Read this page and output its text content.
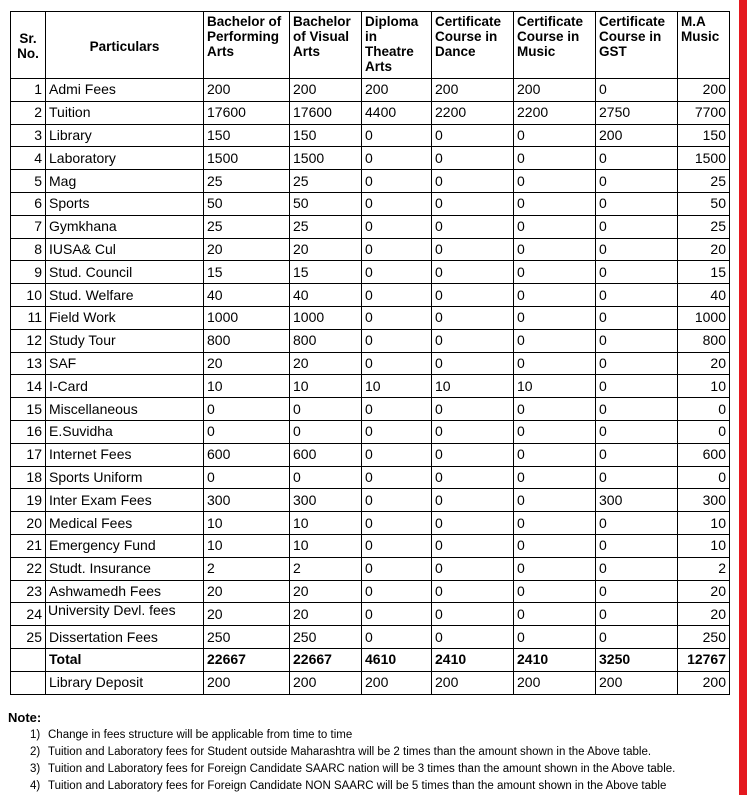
Sr. No.	Particulars	Bachelor of Performing Arts	Bachelor of Visual Arts	Diploma in Theatre Arts	Certificate Course in Dance	Certificate Course in Music	Certificate Course in GST	M.A Music
1	Admi Fees	200	200	200	200	200	0	200
2	Tuition	17600	17600	4400	2200	2200	2750	7700
3	Library	150	150	0	0	0	200	150
4	Laboratory	1500	1500	0	0	0	0	1500
5	Mag	25	25	0	0	0	0	25
6	Sports	50	50	0	0	0	0	50
7	Gymkhana	25	25	0	0	0	0	25
8	IUSA& Cul	20	20	0	0	0	0	20
9	Stud. Council	15	15	0	0	0	0	15
10	Stud. Welfare	40	40	0	0	0	0	40
11	Field Work	1000	1000	0	0	0	0	1000
12	Study Tour	800	800	0	0	0	0	800
13	SAF	20	20	0	0	0	0	20
14	I-Card	10	10	10	10	10	0	10
15	Miscellaneous	0	0	0	0	0	0	0
16	E.Suvidha	0	0	0	0	0	0	0
17	Internet Fees	600	600	0	0	0	0	600
18	Sports Uniform	0	0	0	0	0	0	0
19	Inter Exam Fees	300	300	0	0	0	300	300
20	Medical Fees	10	10	0	0	0	0	10
21	Emergency Fund	10	10	0	0	0	0	10
22	Studt. Insurance	2	2	0	0	0	0	2
23	Ashwamedh Fees	20	20	0	0	0	0	20
24	University Devl. fees	20	20	0	0	0	0	20
25	Dissertation Fees	250	250	0	0	0	0	250
	Total	22667	22667	4610	2410	2410	3250	12767
	Library Deposit	200	200	200	200	200	200	200
Note:
1) Change in fees structure will be applicable from time to time
2) Tuition and Laboratory fees for Student outside Maharashtra will be 2 times than the amount shown in the Above table.
3) Tuition and Laboratory fees for Foreign Candidate SAARC nation will be 3 times than the amount shown in the Above table.
4) Tuition and Laboratory fees for Foreign Candidate NON SAARC will be 5 times than the amount shown in the Above table
